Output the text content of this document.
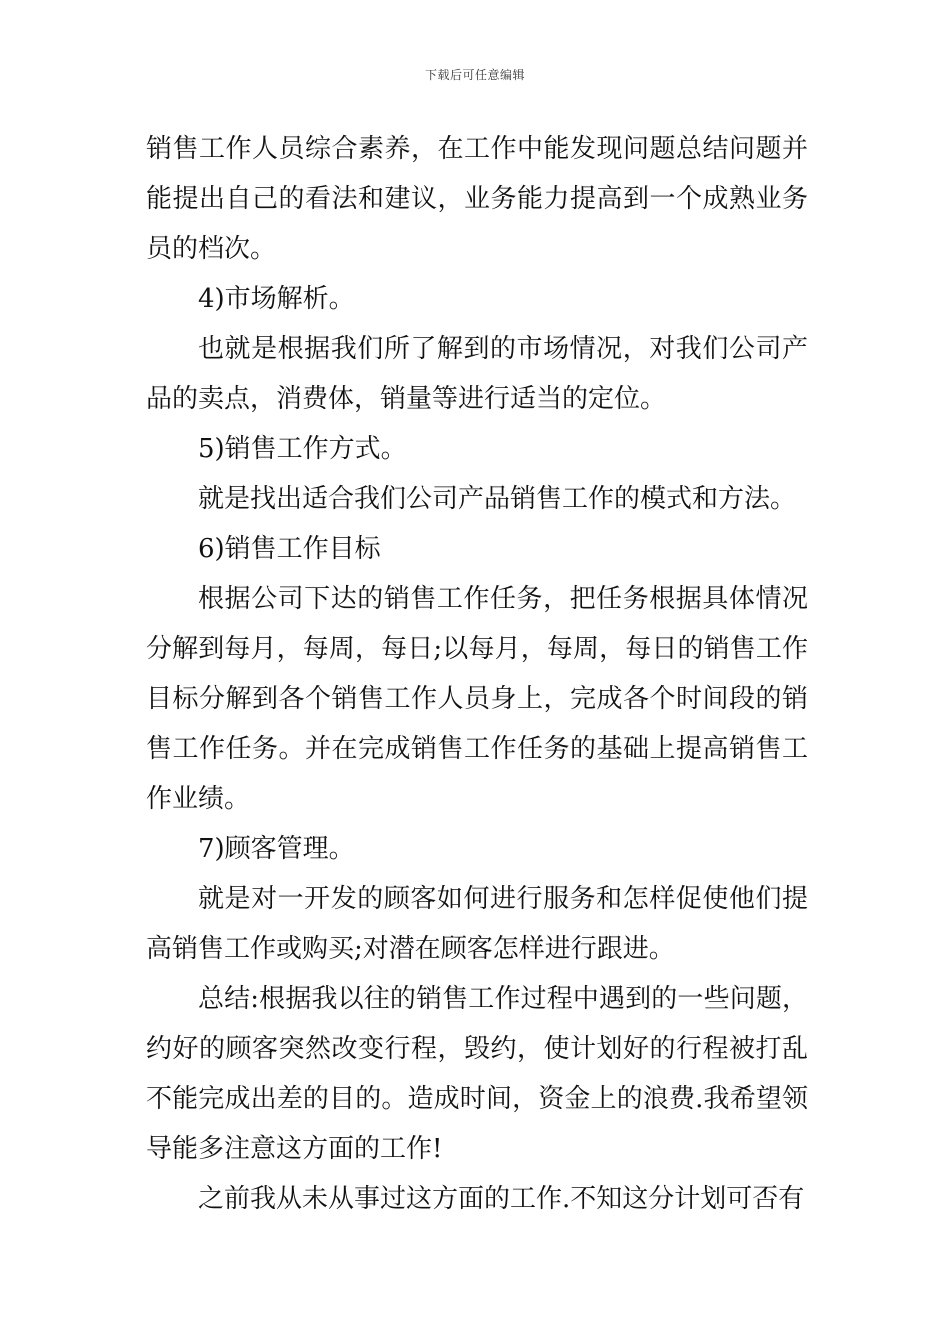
下载后可任意编辑

销售工作人员综合素养，在工作中能发现问题总结问题并能提出自己的看法和建议，业务能力提高到一个成熟业务员的档次。

4)市场解析。

也就是根据我们所了解到的市场情况，对我们公司产品的卖点，消费体，销量等进行适当的定位。

5)销售工作方式。

就是找出适合我们公司产品销售工作的模式和方法。

6)销售工作目标

根据公司下达的销售工作任务，把任务根据具体情况分解到每月，每周，每日;以每月，每周，每日的销售工作目标分解到各个销售工作人员身上，完成各个时间段的销售工作任务。并在完成销售工作任务的基础上提高销售工作业绩。

7)顾客管理。

就是对一开发的顾客如何进行服务和怎样促使他们提高销售工作或购买;对潜在顾客怎样进行跟进。

总结:根据我以往的销售工作过程中遇到的一些问题，约好的顾客突然改变行程，毁约，使计划好的行程被打乱不能完成出差的目的。造成时间，资金上的浪费.我希望领导能多注意这方面的工作!

之前我从未从事过这方面的工作.不知这分计划可否有
